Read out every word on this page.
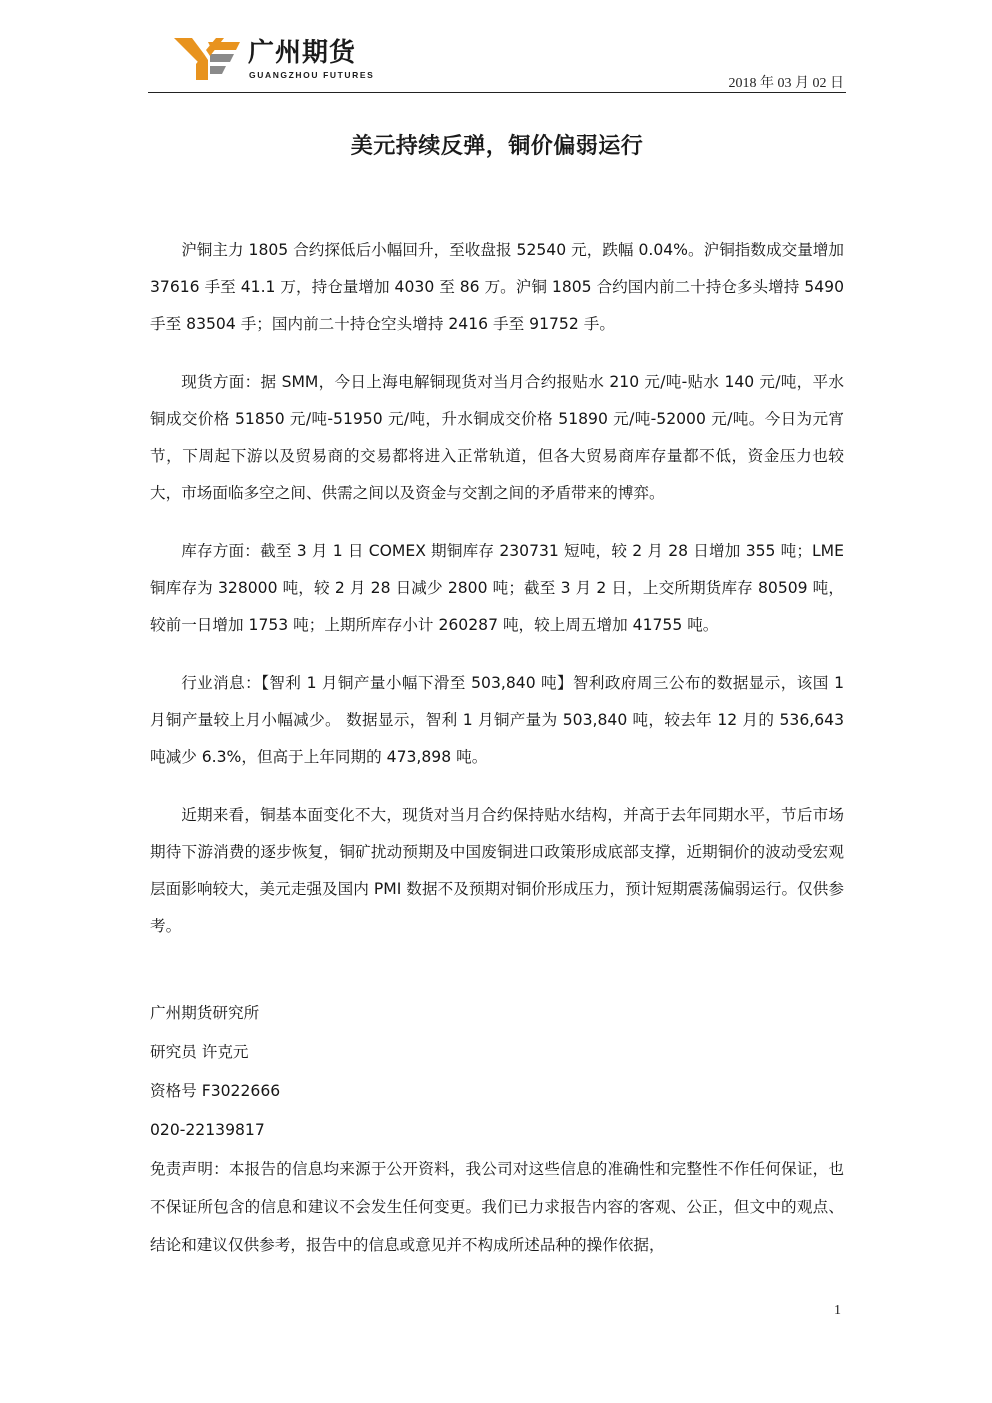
广州期货
GUANGZHOU FUTURES
2018 年 03 月 02 日
美元持续反弹，铜价偏弱运行

沪铜主力 1805 合约探低后小幅回升，至收盘报 52540 元，跌幅 0.04%。沪铜指数成交量增加 37616 手至 41.1 万，持仓量增加 4030 至 86 万。沪铜 1805 合约国内前二十持仓多头增持 5490 手至 83504 手；国内前二十持仓空头增持 2416 手至 91752 手。

现货方面：据 SMM，今日上海电解铜现货对当月合约报贴水 210 元/吨-贴水 140 元/吨，平水铜成交价格 51850 元/吨-51950 元/吨，升水铜成交价格 51890 元/吨-52000 元/吨。今日为元宵节，下周起下游以及贸易商的交易都将进入正常轨道，但各大贸易商库存量都不低，资金压力也较大，市场面临多空之间、供需之间以及资金与交割之间的矛盾带来的博弈。

库存方面：截至 3 月 1 日 COMEX 期铜库存 230731 短吨，较 2 月 28 日增加 355 吨；LME 铜库存为 328000 吨，较 2 月 28 日减少 2800 吨；截至 3 月 2 日，上交所期货库存 80509 吨，较前一日增加 1753 吨；上期所库存小计 260287 吨，较上周五增加 41755 吨。

行业消息：【智利 1 月铜产量小幅下滑至 503,840 吨】智利政府周三公布的数据显示，该国 1 月铜产量较上月小幅减少。 数据显示，智利 1 月铜产量为 503,840 吨，较去年 12 月的 536,643 吨减少 6.3%，但高于上年同期的 473,898 吨。

近期来看，铜基本面变化不大，现货对当月合约保持贴水结构，并高于去年同期水平，节后市场期待下游消费的逐步恢复，铜矿扰动预期及中国废铜进口政策形成底部支撑，近期铜价的波动受宏观层面影响较大，美元走强及国内 PMI 数据不及预期对铜价形成压力，预计短期震荡偏弱运行。仅供参考。

广州期货研究所
研究员 许克元
资格号 F3022666
020-22139817
免责声明：本报告的信息均来源于公开资料，我公司对这些信息的准确性和完整性不作任何保证，也不保证所包含的信息和建议不会发生任何变更。我们已力求报告内容的客观、公正，但文中的观点、结论和建议仅供参考，报告中的信息或意见并不构成所述品种的操作依据，
1
